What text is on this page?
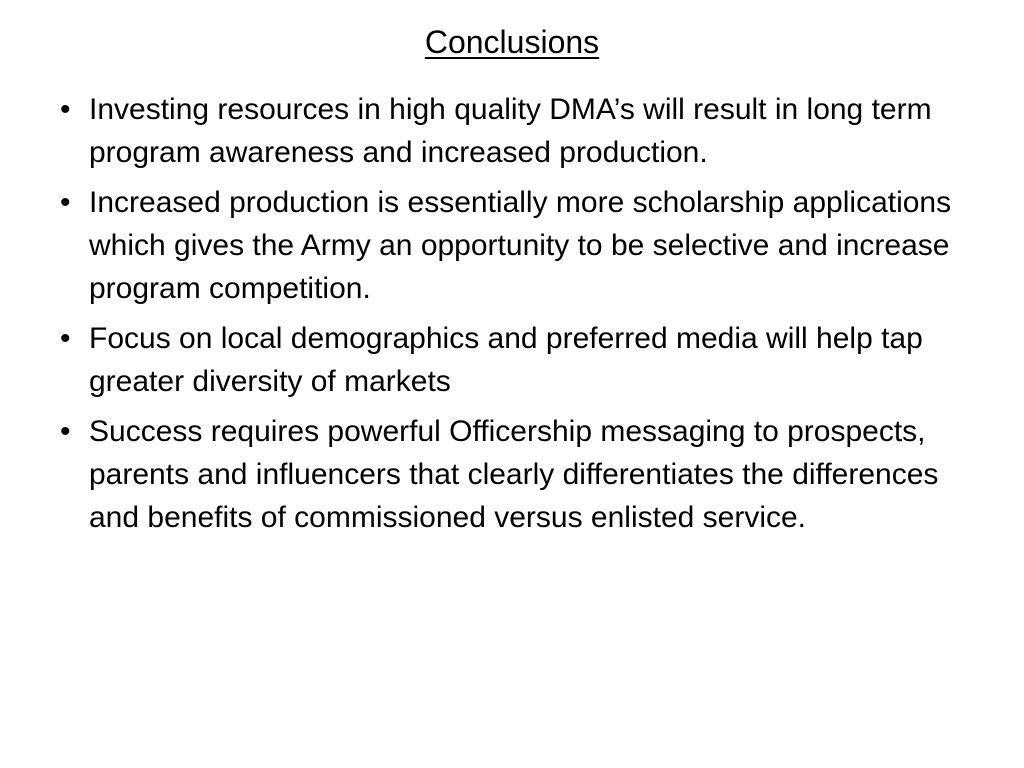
Conclusions
• Investing resources in high quality DMA’s will result in long term program awareness and increased production.
• Increased production is essentially more scholarship applications which gives the Army an opportunity to be selective and increase program competition.
• Focus on local demographics and preferred media will help tap greater diversity of markets
• Success requires powerful Officership messaging to prospects, parents and influencers that clearly differentiates the differences and benefits of commissioned versus enlisted service.
